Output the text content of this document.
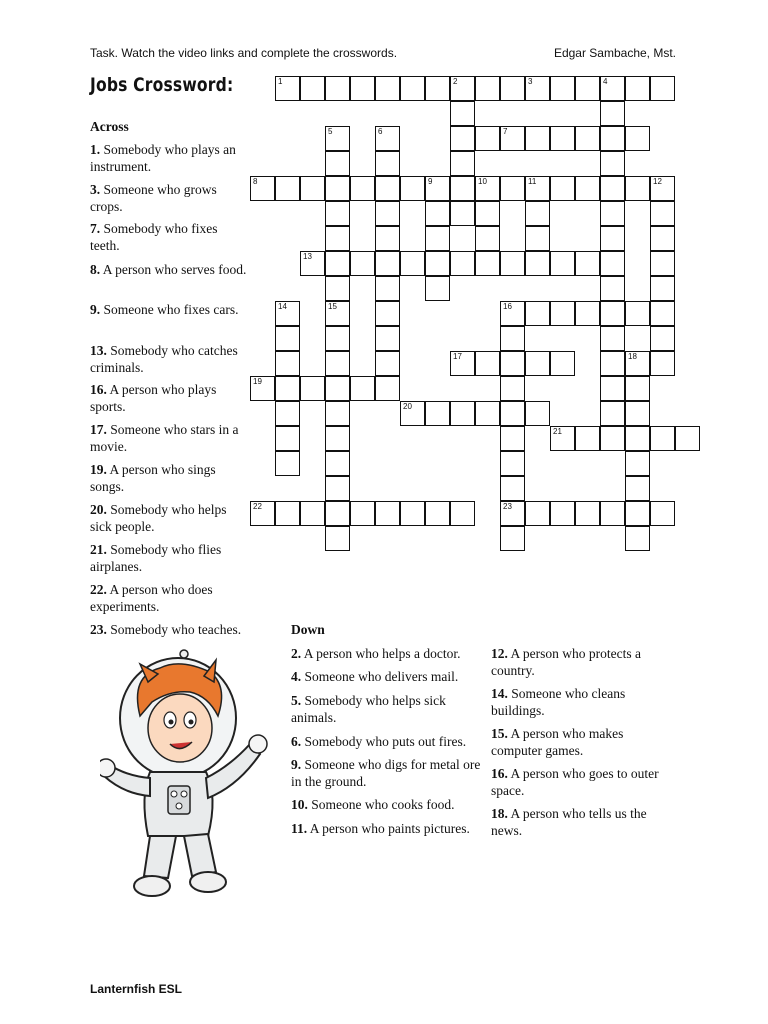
Task. Watch the video links and complete the crosswords.	Edgar Sambache, Mst.
Jobs Crossword:
Across
1. Somebody who plays an instrument.
3. Someone who grows crops.
7. Somebody who fixes teeth.
8. A person who serves food.
9. Someone who fixes cars.
13. Somebody who catches criminals.
16. A person who plays sports.
17. Someone who stars in a movie.
19. A person who sings songs.
20. Somebody who helps sick people.
21. Somebody who flies airplanes.
22. A person who does experiments.
23. Somebody who teaches.	Down
2. A person who helps a doctor.
4. Someone who delivers mail.
5. Somebody who helps sick animals.
6. Somebody who puts out fires.
9. Someone who digs for metal ore in the ground.
10. Someone who cooks food.
11. A person who paints pictures.
12. A person who protects a country.
14. Someone who cleans buildings.
15. A person who makes computer games.
16. A person who goes to outer space.
18. A person who tells us the news.
1	2	3	4
5	6	7
8	9	10	11	12
13
14	15	16
17	18
19
20
21
22	23
Lanternfish ESL
